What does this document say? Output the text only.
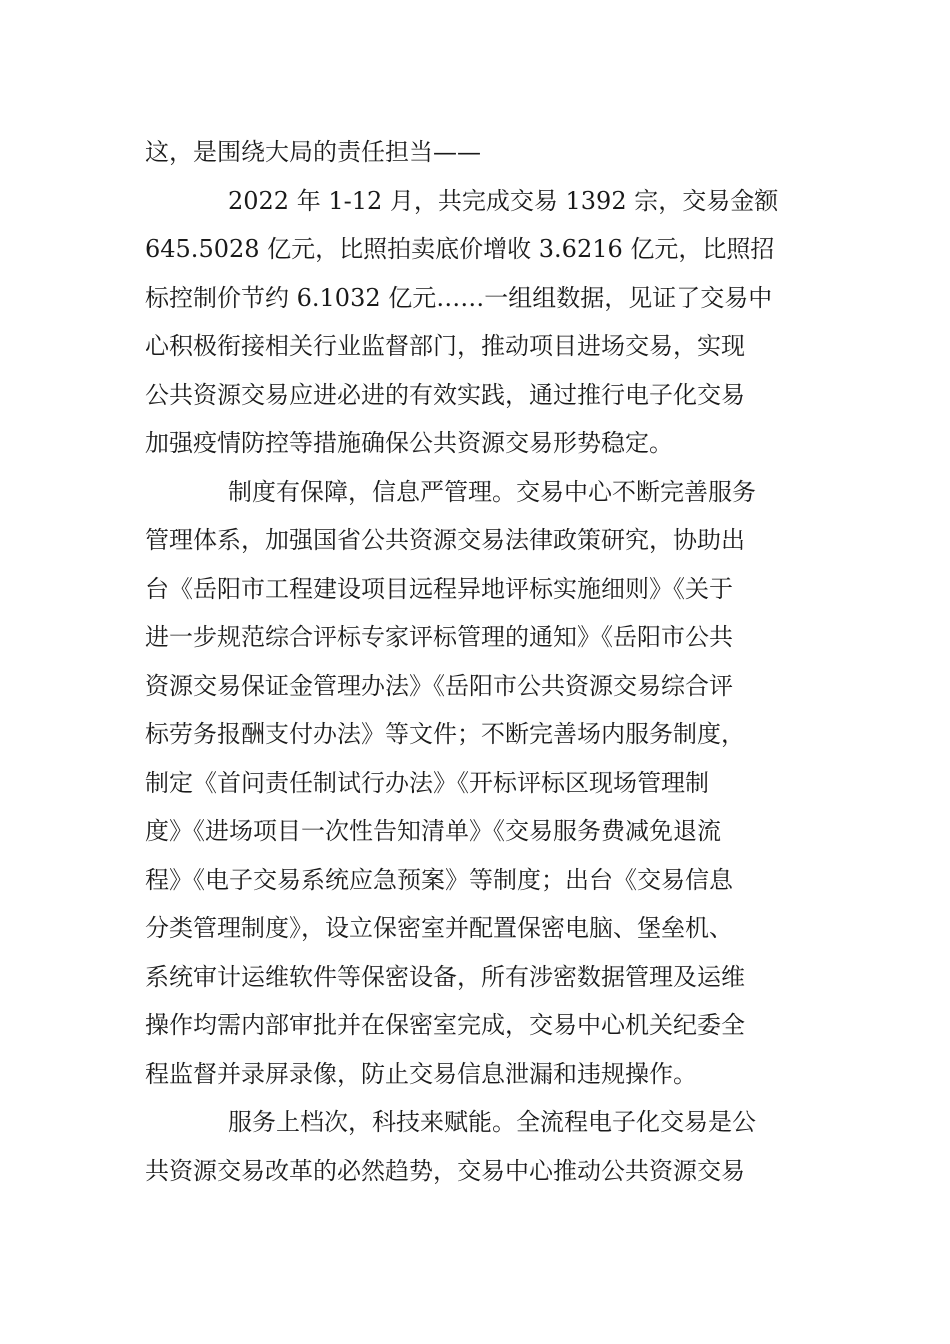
这，是围绕大局的责任担当——
2022 年 1-12 月，共完成交易 1392 宗，交易金额
645.5028 亿元，比照拍卖底价增收 3.6216 亿元，比照招
标控制价节约 6.1032 亿元……一组组数据，见证了交易中
心积极衔接相关行业监督部门，推动项目进场交易，实现
公共资源交易应进必进的有效实践，通过推行电子化交易
加强疫情防控等措施确保公共资源交易形势稳定。
制度有保障，信息严管理。交易中心不断完善服务
管理体系，加强国省公共资源交易法律政策研究，协助出
台《岳阳市工程建设项目远程异地评标实施细则》《关于
进一步规范综合评标专家评标管理的通知》《岳阳市公共
资源交易保证金管理办法》《岳阳市公共资源交易综合评
标劳务报酬支付办法》等文件；不断完善场内服务制度，
制定《首问责任制试行办法》《开标评标区现场管理制
度》《进场项目一次性告知清单》《交易服务费减免退流
程》《电子交易系统应急预案》等制度；出台《交易信息
分类管理制度》，设立保密室并配置保密电脑、堡垒机、
系统审计运维软件等保密设备，所有涉密数据管理及运维
操作均需内部审批并在保密室完成，交易中心机关纪委全
程监督并录屏录像，防止交易信息泄漏和违规操作。
服务上档次，科技来赋能。全流程电子化交易是公
共资源交易改革的必然趋势，交易中心推动公共资源交易
